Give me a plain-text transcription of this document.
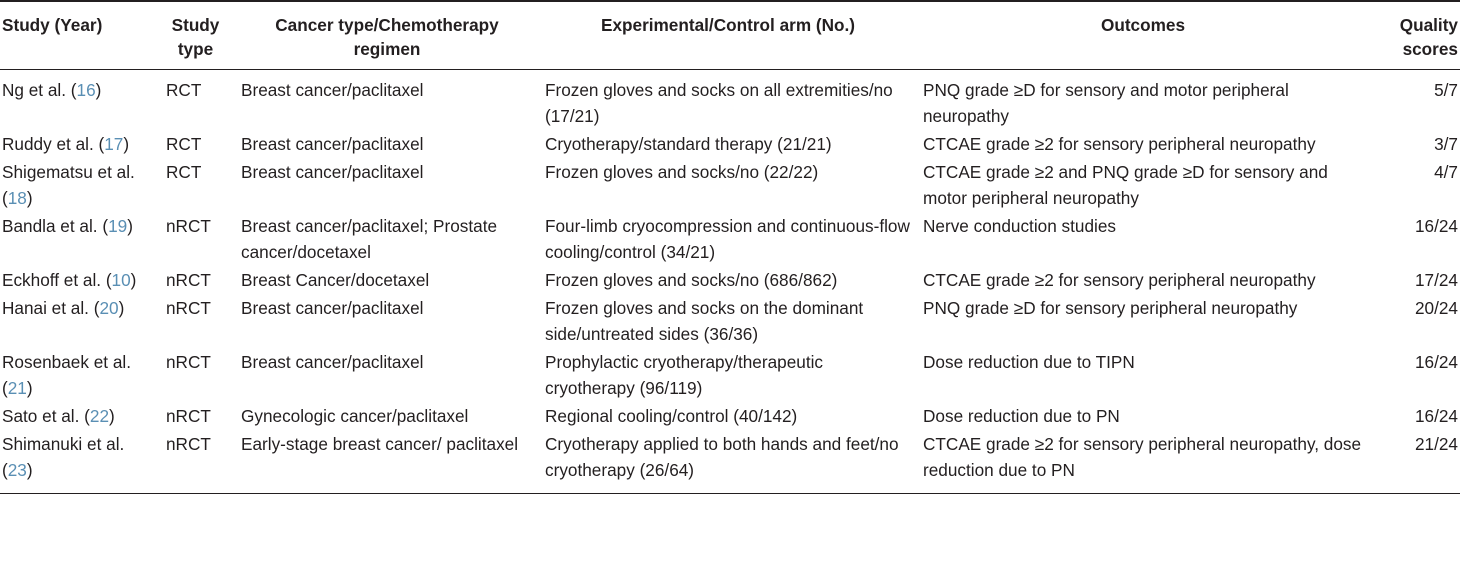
Study (Year)	Study type	Cancer type/Chemotherapy regimen	Experimental/Control arm (No.)	Outcomes	Quality scores
Ng et al. (16)	RCT	Breast cancer/paclitaxel	Frozen gloves and socks on all extremities/no (17/21)	PNQ grade ≥D for sensory and motor peripheral neuropathy	5/7
Ruddy et al. (17)	RCT	Breast cancer/paclitaxel	Cryotherapy/standard therapy (21/21)	CTCAE grade ≥2 for sensory peripheral neuropathy	3/7
Shigematsu et al. (18)	RCT	Breast cancer/paclitaxel	Frozen gloves and socks/no (22/22)	CTCAE grade ≥2 and PNQ grade ≥D for sensory and motor peripheral neuropathy	4/7
Bandla et al. (19)	nRCT	Breast cancer/paclitaxel; Prostate cancer/docetaxel	Four-limb cryocompression and continuous-flow cooling/control (34/21)	Nerve conduction studies	16/24
Eckhoff et al. (10)	nRCT	Breast Cancer/docetaxel	Frozen gloves and socks/no (686/862)	CTCAE grade ≥2 for sensory peripheral neuropathy	17/24
Hanai et al. (20)	nRCT	Breast cancer/paclitaxel	Frozen gloves and socks on the dominant side/untreated sides (36/36)	PNQ grade ≥D for sensory peripheral neuropathy	20/24
Rosenbaek et al. (21)	nRCT	Breast cancer/paclitaxel	Prophylactic cryotherapy/therapeutic cryotherapy (96/119)	Dose reduction due to TIPN	16/24
Sato et al. (22)	nRCT	Gynecologic cancer/paclitaxel	Regional cooling/control (40/142)	Dose reduction due to PN	16/24
Shimanuki et al. (23)	nRCT	Early-stage breast cancer/ paclitaxel	Cryotherapy applied to both hands and feet/no cryotherapy (26/64)	CTCAE grade ≥2 for sensory peripheral neuropathy, dose reduction due to PN	21/24
